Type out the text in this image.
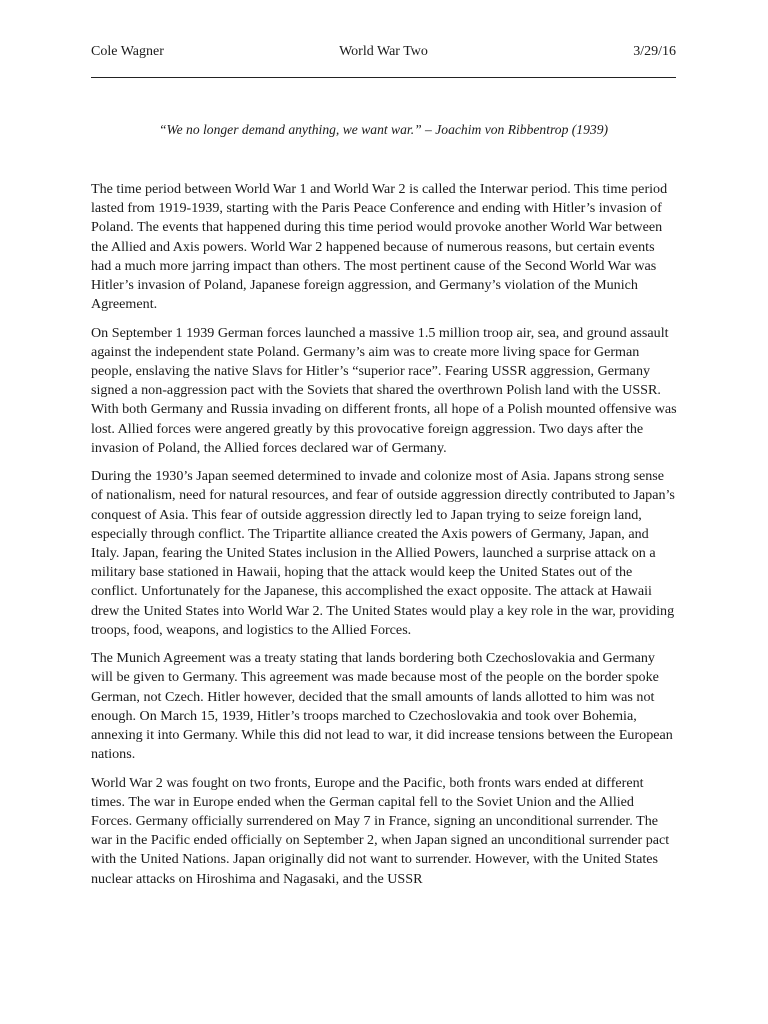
Cole Wagner	World War Two	3/29/16
“We no longer demand anything, we want war.” – Joachim von Ribbentrop (1939)

The time period between World War 1 and World War 2 is called the Interwar period. This time period lasted from 1919-1939, starting with the Paris Peace Conference and ending with Hitler’s invasion of Poland. The events that happened during this time period would provoke another World War between the Allied and Axis powers. World War 2 happened because of numerous reasons, but certain events had a much more jarring impact than others. The most pertinent cause of the Second World War was Hitler’s invasion of Poland, Japanese foreign aggression, and Germany’s violation of the Munich Agreement.

On September 1 1939 German forces launched a massive 1.5 million troop air, sea, and ground assault against the independent state Poland. Germany’s aim was to create more living space for German people, enslaving the native Slavs for Hitler’s “superior race”. Fearing USSR aggression, Germany signed a non-aggression pact with the Soviets that shared the overthrown Polish land with the USSR. With both Germany and Russia invading on different fronts, all hope of a Polish mounted offensive was lost. Allied forces were angered greatly by this provocative foreign aggression. Two days after the invasion of Poland, the Allied forces declared war of Germany.

During the 1930’s Japan seemed determined to invade and colonize most of Asia. Japans strong sense of nationalism, need for natural resources, and fear of outside aggression directly contributed to Japan’s conquest of Asia. This fear of outside aggression directly led to Japan trying to seize foreign land, especially through conflict. The Tripartite alliance created the Axis powers of Germany, Japan, and Italy. Japan, fearing the United States inclusion in the Allied Powers, launched a surprise attack on a military base stationed in Hawaii, hoping that the attack would keep the United States out of the conflict. Unfortunately for the Japanese, this accomplished the exact opposite. The attack at Hawaii drew the United States into World War 2. The United States would play a key role in the war, providing troops, food, weapons, and logistics to the Allied Forces.

The Munich Agreement was a treaty stating that lands bordering both Czechoslovakia and Germany will be given to Germany. This agreement was made because most of the people on the border spoke German, not Czech. Hitler however, decided that the small amounts of lands allotted to him was not enough. On March 15, 1939, Hitler’s troops marched to Czechoslovakia and took over Bohemia, annexing it into Germany. While this did not lead to war, it did increase tensions between the European nations.

World War 2 was fought on two fronts, Europe and the Pacific, both fronts wars ended at different times. The war in Europe ended when the German capital fell to the Soviet Union and the Allied Forces. Germany officially surrendered on May 7 in France, signing an unconditional surrender. The war in the Pacific ended officially on September 2, when Japan signed an unconditional surrender pact with the United Nations. Japan originally did not want to surrender. However, with the United States nuclear attacks on Hiroshima and Nagasaki, and the USSR
